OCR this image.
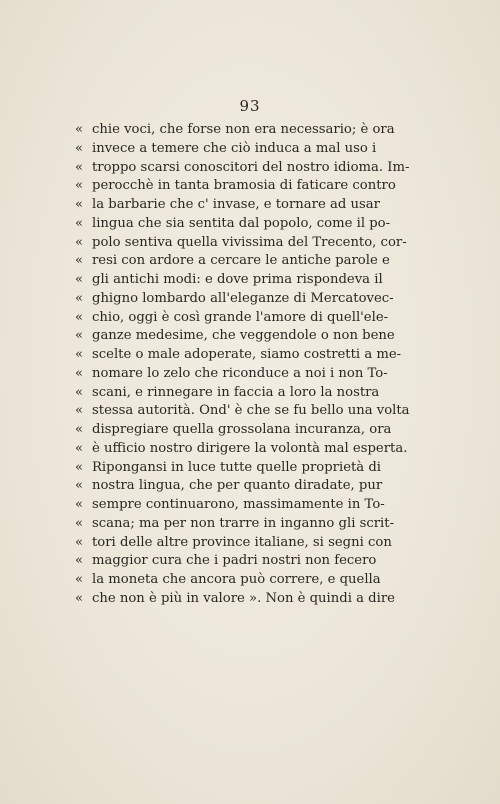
93
« chie voci, che forse non era necessario; è ora
« invece a temere che ciò induca a mal uso i
« troppo scarsi conoscitori del nostro idioma. Im-
« perocchè in tanta bramosia di faticare contro
« la barbarie che c' invase, e tornare ad usar
« lingua che sia sentita dal popolo, come il po-
« polo sentiva quella vivissima del Trecento, cor-
« resi con ardore a cercare le antiche parole e
« gli antichi modi: e dove prima rispondeva il
« ghigno lombardo all'eleganze di Mercatovec-
« chio, oggi è così grande l'amore di quell'ele-
« ganze medesime, che veggendole o non bene
« scelte o male adoperate, siamo costretti a me-
« nomare lo zelo che riconduce a noi i non To-
« scani, e rinnegare in faccia a loro la nostra
« stessa autorità. Ond' è che se fu bello una volta
« dispregiare quella grossolana incuranza, ora
« è ufficio nostro dirigere la volontà mal esperta.
« Ripongansi in luce tutte quelle proprietà di
« nostra lingua, che per quanto diradate, pur
« sempre continuarono, massimamente in To-
« scana; ma per non trarre in inganno gli scrit-
« tori delle altre province italiane, si segni con
« maggior cura che i padri nostri non fecero
« la moneta che ancora può correre, e quella
« che non è più in valore ». Non è quindi a dire
